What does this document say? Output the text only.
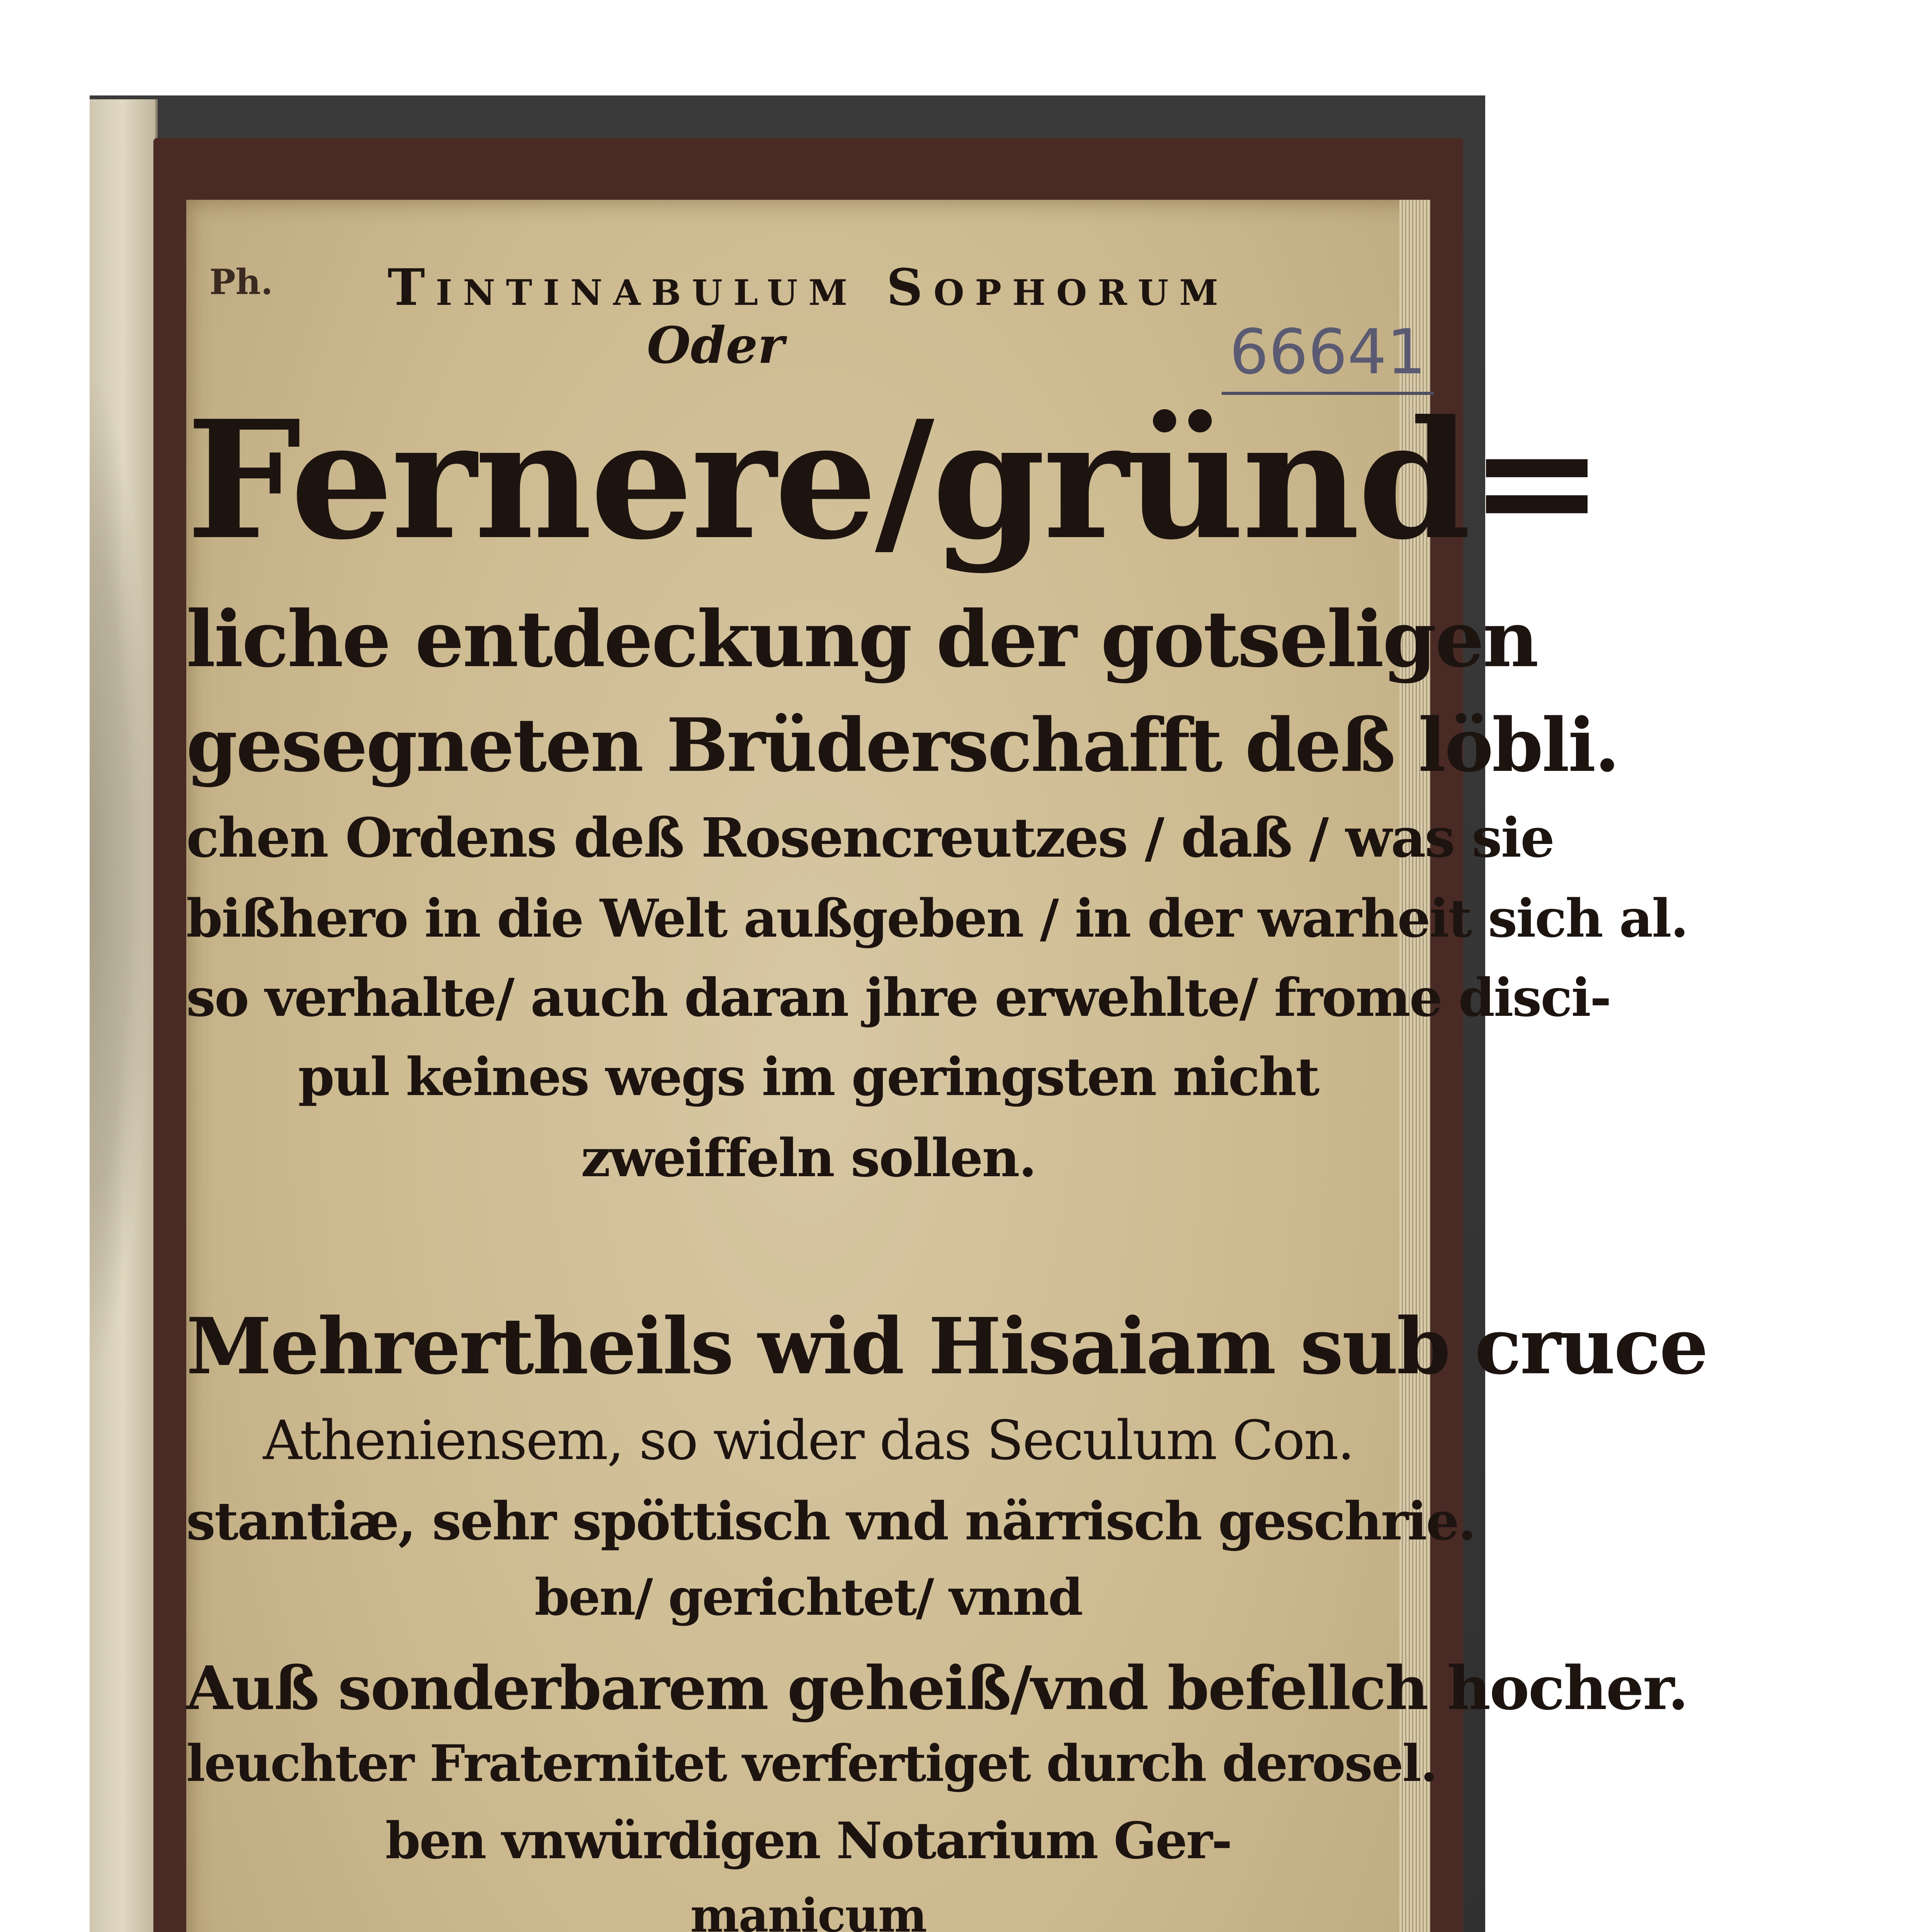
Ph.	Tintinabulum Sophorum
Oder	66641
Fernere/gründ=
liche entdeckung der gotseligen
gesegneten Brüderschafft deß löbli.
chen Ordens deß Rosencreutzes / daß / was sie
bißhero in die Welt außgeben / in der warheit sich al.
so verhalte/ auch daran jhre erwehlte/ frome disci-
pul keines wegs im geringsten nicht
zweiffeln sollen.
Mehrertheils wid Hisaiam sub cruce
Atheniensem, so wider das Seculum Con.
stantiæ, sehr spöttisch vnd närrisch geschrie.
ben/ gerichtet/ vnnd
Auß sonderbarem geheiß/vnd befellch hocher.
leuchter Fraternitet verfertiget durch derosel.
ben vnwürdigen Notarium Ger-
manicum
